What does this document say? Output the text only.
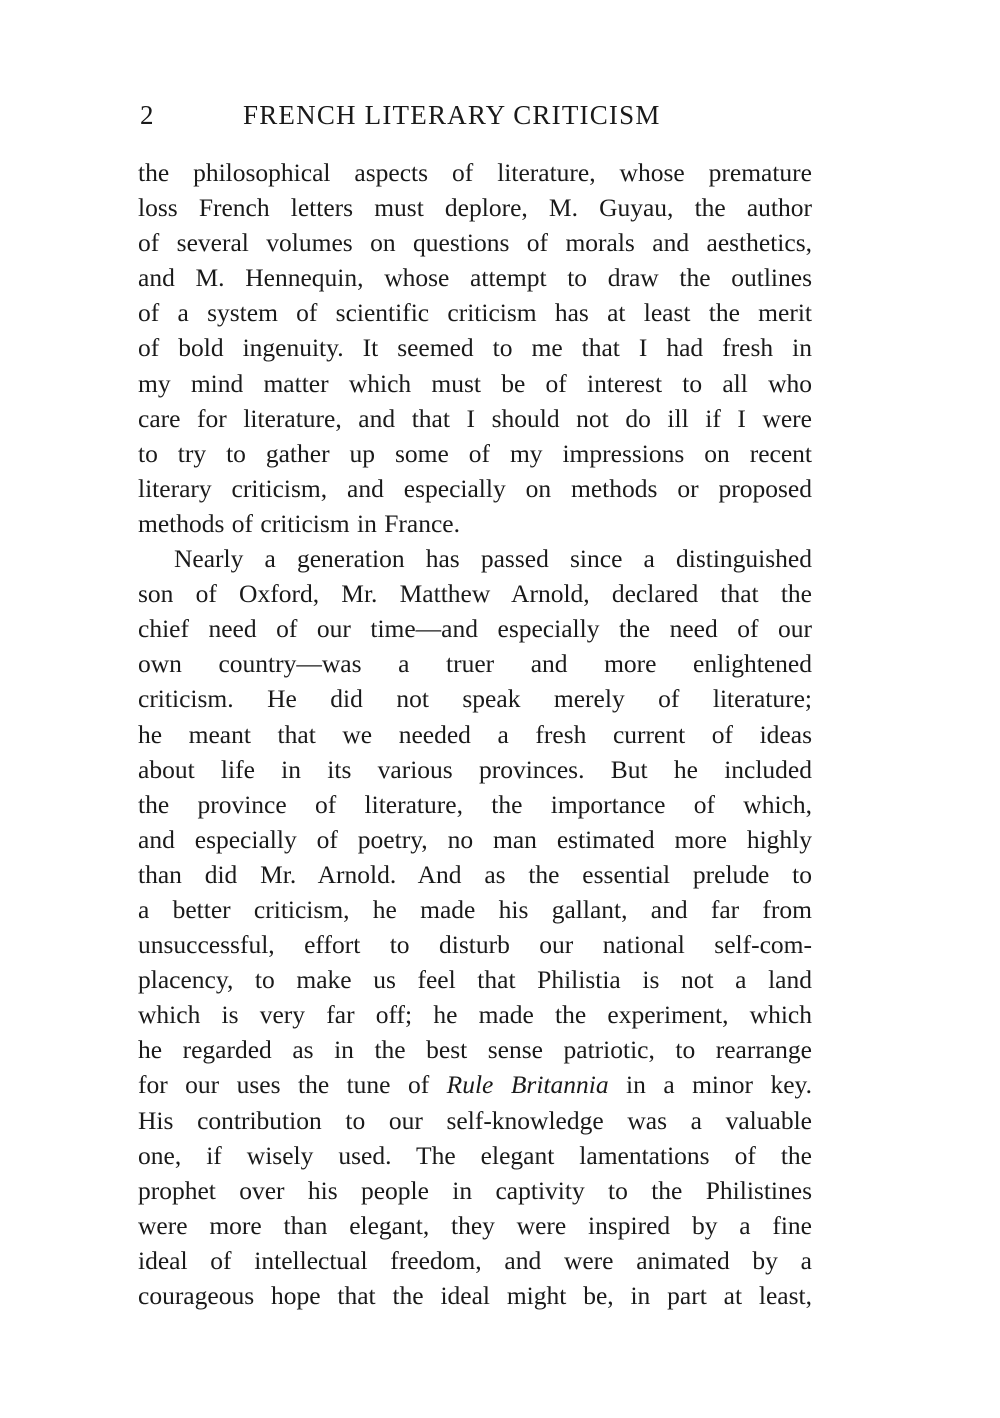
2	FRENCH LITERARY CRITICISM
the philosophical aspects of literature, whose premature
loss French letters must deplore, M. Guyau, the author
of several volumes on questions of morals and aesthetics,
and M. Hennequin, whose attempt to draw the outlines
of a system of scientific criticism has at least the merit
of bold ingenuity. It seemed to me that I had fresh in
my mind matter which must be of interest to all who
care for literature, and that I should not do ill if I were
to try to gather up some of my impressions on recent
literary criticism, and especially on methods or proposed
methods of criticism in France.
Nearly a generation has passed since a distinguished
son of Oxford, Mr. Matthew Arnold, declared that the
chief need of our time—and especially the need of our
own country—was a truer and more enlightened
criticism. He did not speak merely of literature;
he meant that we needed a fresh current of ideas
about life in its various provinces. But he included
the province of literature, the importance of which,
and especially of poetry, no man estimated more highly
than did Mr. Arnold. And as the essential prelude to
a better criticism, he made his gallant, and far from
unsuccessful, effort to disturb our national self-com-
placency, to make us feel that Philistia is not a land
which is very far off; he made the experiment, which
he regarded as in the best sense patriotic, to rearrange
for our uses the tune of Rule Britannia in a minor key.
His contribution to our self-knowledge was a valuable
one, if wisely used. The elegant lamentations of the
prophet over his people in captivity to the Philistines
were more than elegant, they were inspired by a fine
ideal of intellectual freedom, and were animated by a
courageous hope that the ideal might be, in part at least,
